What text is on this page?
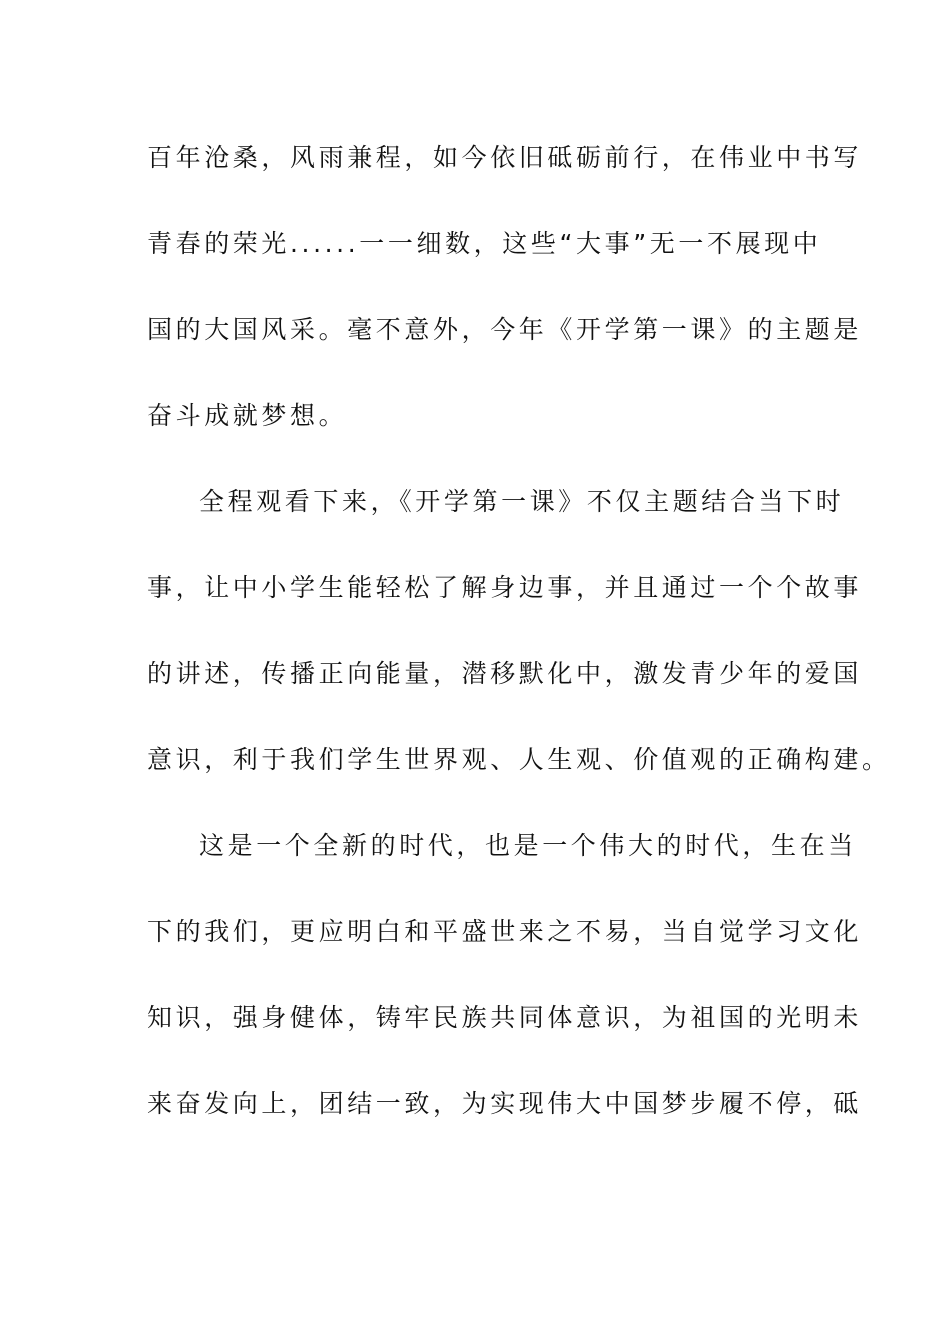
百年沧桑，风雨兼程，如今依旧砥砺前行，在伟业中书写
青春的荣光......一一细数，这些“大事”无一不展现中
国的大国风采。毫不意外，今年《开学第一课》的主题是
奋斗成就梦想。
全程观看下来，《开学第一课》不仅主题结合当下时
事，让中小学生能轻松了解身边事，并且通过一个个故事
的讲述，传播正向能量，潜移默化中，激发青少年的爱国
意识，利于我们学生世界观、人生观、价值观的正确构建。
这是一个全新的时代，也是一个伟大的时代，生在当
下的我们，更应明白和平盛世来之不易，当自觉学习文化
知识，强身健体，铸牢民族共同体意识，为祖国的光明未
来奋发向上，团结一致，为实现伟大中国梦步履不停，砥
